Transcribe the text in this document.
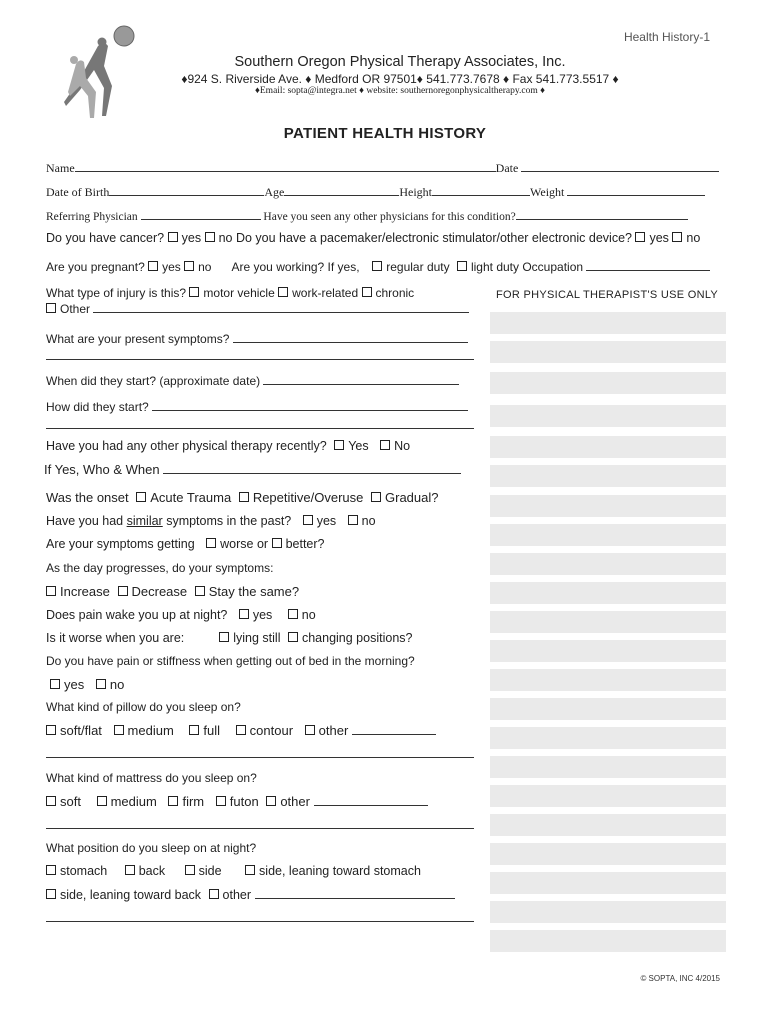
Health History-1
Southern Oregon Physical Therapy Associates, Inc.
♦924 S. Riverside Ave. ♦ Medford OR 97501♦ 541.773.7678 ♦ Fax 541.773.5517 ♦
♦Email: sopta@integra.net ♦ website: southernoregonphysicaltherapy.com ♦
PATIENT HEALTH HISTORY
Name	Date
Date of Birth	Age	Height	Weight
Referring Physician	Have you seen any other physicians for this condition?
Do you have cancer? yes no Do you have a pacemaker/electronic stimulator/other electronic device? yes no
Are you pregnant? yes no Are you working? If yes, regular duty light duty Occupation
What type of injury is this? motor vehicle work-related chronic
Other
FOR PHYSICAL THERAPIST'S USE ONLY
What are your present symptoms?
When did they start? (approximate date)
How did they start?
Have you had any other physical therapy recently? Yes No
If Yes, Who & When
Was the onset Acute Trauma Repetitive/Overuse Gradual?
Have you had similar symptoms in the past? yes no
Are your symptoms getting worse or better?
As the day progresses, do your symptoms:
Increase Decrease Stay the same?
Does pain wake you up at night? yes no
Is it worse when you are:	lying still changing positions?
Do you have pain or stiffness when getting out of bed in the morning?
yes no
What kind of pillow do you sleep on?
soft/flat medium full contour other
What kind of mattress do you sleep on?
soft medium firm futon other
What position do you sleep on at night?
stomach	back	side	side, leaning toward stomach
side, leaning toward back other
© SOPTA, INC 4/2015
